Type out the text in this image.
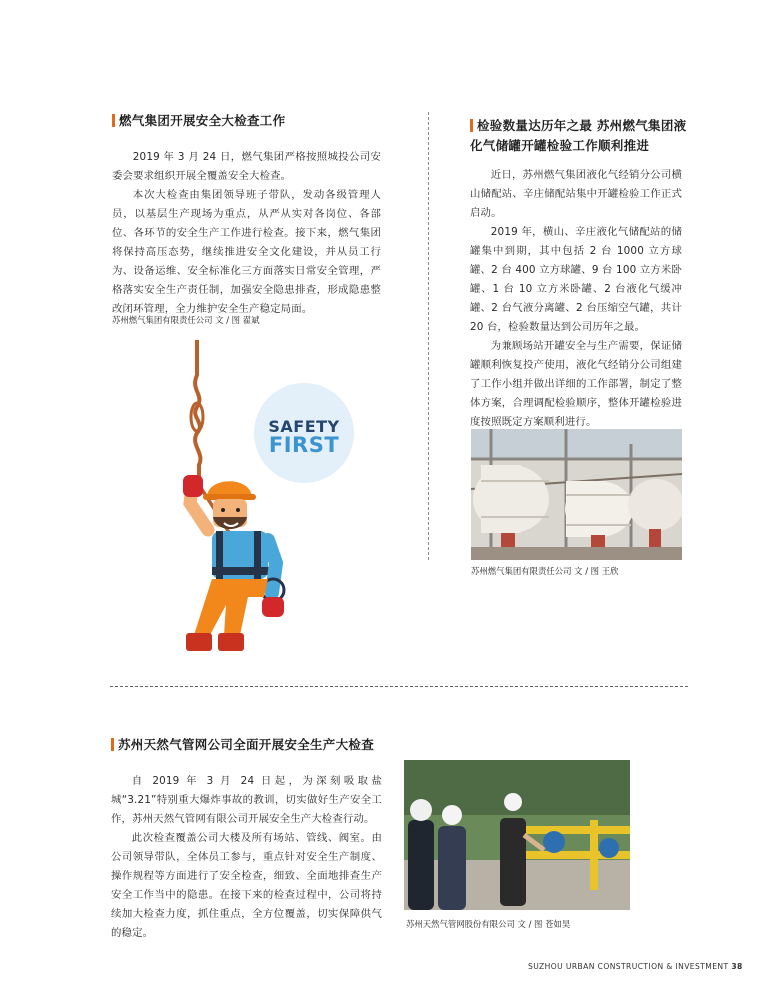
燃气集团开展安全大检查工作

2019 年 3 月 24 日，燃气集团严格按照城投公司安委会要求组织开展全覆盖安全大检查。

本次大检查由集团领导班子带队，发动各级管理人员，以基层生产现场为重点，从严从实对各岗位、各部位、各环节的安全生产工作进行检查。接下来，燃气集团将保持高压态势，继续推进安全文化建设，并从员工行为、设备运维、安全标准化三方面落实日常安全管理，严格落实安全生产责任制，加强安全隐患排查，形成隐患整改闭环管理，全力维护安全生产稳定局面。

苏州燃气集团有限责任公司 文 / 图 翟斌
SAFETY
FIRST
检验数量达历年之最 苏州燃气集团液
化气储罐开罐检验工作顺利推进

近日，苏州燃气集团液化气经销分公司横山储配站、辛庄储配站集中开罐检验工作正式启动。

2019 年，横山、辛庄液化气储配站的储罐集中到期，其中包括 2 台 1000 立方球罐、2 台 400 立方球罐、9 台 100 立方米卧罐、1 台 10 立方米卧罐、2 台液化气缓冲罐、2 台气液分离罐、2 台压缩空气罐，共计 20 台，检验数量达到公司历年之最。

为兼顾场站开罐安全与生产需要，保证储罐顺利恢复投产使用，液化气经销分公司组建了工作小组并做出详细的工作部署，制定了整体方案，合理调配检验顺序，整体开罐检验进度按照既定方案顺利进行。

苏州燃气集团有限责任公司 文 / 图 王欣
苏州天然气管网公司全面开展安全生产大检查

自 2019 年 3 月 24 日起，为深刻吸取盐城“3.21”特别重大爆炸事故的教训，切实做好生产安全工作，苏州天然气管网有限公司开展安全生产大检查行动。

此次检查覆盖公司大楼及所有场站、管线、阀室。由公司领导带队，全体员工参与，重点针对安全生产制度、操作规程等方面进行了安全检查，细致、全面地排查生产安全工作当中的隐患。在接下来的检查过程中，公司将持续加大检查力度，抓住重点，全方位覆盖，切实保障供气的稳定。

苏州天然气管网股份有限公司 文 / 图 苍如昊
SUZHOU URBAN CONSTRUCTION & INVESTMENT 38
